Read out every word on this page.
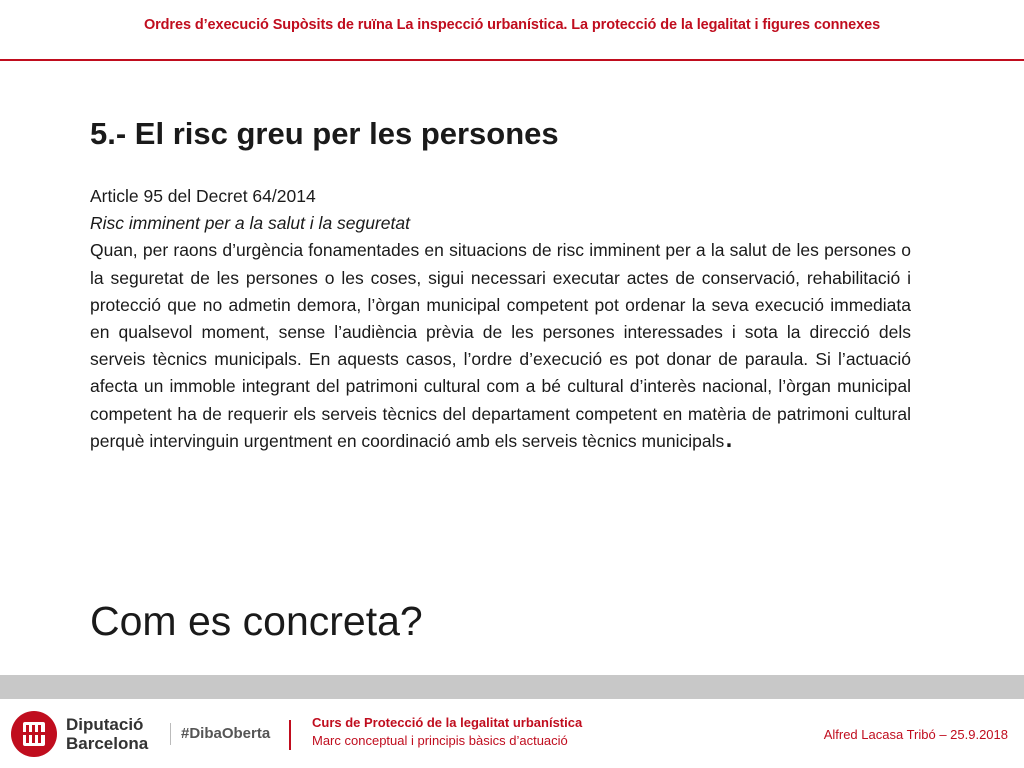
Ordres d’execució Supòsits de ruïna La inspecció urbanística. La protecció de la legalitat i figures connexes
5.- El risc greu per les persones
Article 95 del Decret 64/2014
Risc imminent per a la salut i la seguretat
Quan, per raons d’urgència fonamentades en situacions de risc imminent per a la salut de les persones o la seguretat de les persones o les coses, sigui necessari executar actes de conservació, rehabilitació i protecció que no admetin demora, l’òrgan municipal competent pot ordenar la seva execució immediata en qualsevol moment, sense l’audiència prèvia de les persones interessades i sota la direcció dels serveis tècnics municipals. En aquests casos, l’ordre d’execució es pot donar de paraula. Si l’actuació afecta un immoble integrant del patrimoni cultural com a bé cultural d’interès nacional, l’òrgan municipal competent ha de requerir els serveis tècnics del departament competent en matèria de patrimoni cultural perquè intervinguin urgentment en coordinació amb els serveis tècnics municipals.
Com es concreta?
Diputació
Barcelona
#DibaOberta
Curs de Protecció de la legalitat urbanística
Marc conceptual i principis bàsics d’actuació	Alfred Lacasa Tribó – 25.9.2018
